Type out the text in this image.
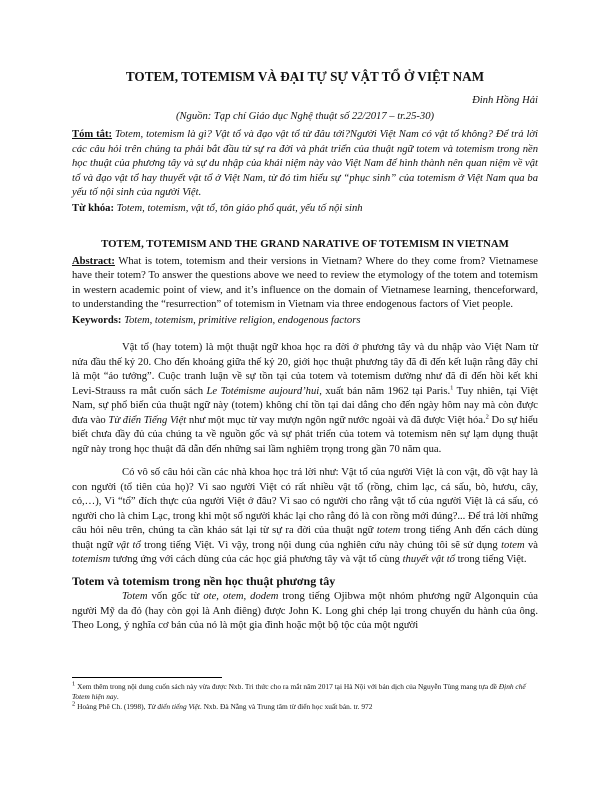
TOTEM, TOTEMISM VÀ ĐẠI TỰ SỰ VẬT TỔ Ở VIỆT NAM
Đinh Hồng Hải
(Nguồn: Tạp chí Giáo dục Nghệ thuật số 22/2017 – tr.25-30)

Tóm tắt: Totem, totemism là gì? Vật tổ và đạo vật tổ từ đâu tới?Người Việt Nam có vật tổ không? Để trả lời các câu hỏi trên chúng ta phải bắt đầu từ sự ra đời và phát triển của thuật ngữ totem và totemism trong nền học thuật của phương tây và sự du nhập của khái niệm này vào Việt Nam để hình thành nên quan niệm về vật tổ và đạo vật tổ hay thuyết vật tổ ở Việt Nam, từ đó tìm hiểu sự “phục sinh” của totemism ở Việt Nam qua ba yếu tố nội sinh của người Việt.

Từ khóa: Totem, totemism, vật tổ, tôn giáo phổ quát, yếu tố nội sinh

TOTEM, TOTEMISM AND THE GRAND NARATIVE OF TOTEMISM IN VIETNAM

Abstract: What is totem, totemism and their versions in Vietnam? Where do they come from? Vietnamese have their totem? To answer the questions above we need to review the etymology of the totem and totemism in western academic point of view, and it’s influence on the domain of Vietnamese learning, thenceforward, to understanding the “resurrection” of totemism in Vietnam via three endogenous factors of Viet people.

Keywords: Totem, totemism, primitive religion, endogenous factors

Vật tổ (hay totem) là một thuật ngữ khoa học ra đời ở phương tây và du nhập vào Việt Nam từ nửa đầu thế kỷ 20. Cho đến khoảng giữa thế kỷ 20, giới học thuật phương tây đã đi đến kết luận rằng đây chỉ là một “ảo tưởng”. Cuộc tranh luận về sự tồn tại của totem và totemism dường như đã đi đến hồi kết khi Levi-Strauss ra mắt cuốn sách Le Totémisme aujourd’hui, xuất bản năm 1962 tại Paris.$^1$ Tuy nhiên, tại Việt Nam, sự phổ biến của thuật ngữ này (totem) không chỉ tồn tại dai dẳng cho đến ngày hôm nay mà còn được đưa vào Từ điển Tiếng Việt như một mục từ vay mượn ngôn ngữ nước ngoài và đã được Việt hóa.$^2$ Do sự hiểu biết chưa đầy đủ của chúng ta về nguồn gốc và sự phát triển của totem và totemism nên sự lạm dụng thuật ngữ này trong học thuật đã dẫn đến những sai lầm nghiêm trọng trong gần 70 năm qua.

Có vô số câu hỏi cần các nhà khoa học trả lời như: Vật tổ của người Việt là con vật, đồ vật hay là con người (tổ tiên của họ)? Vì sao người Việt có rất nhiều vật tổ (rồng, chim lạc, cá sấu, bò, hươu, cây, cỏ,…), Vì “tổ” đích thực của người Việt ở đâu? Vì sao có người cho rằng vật tổ của người Việt là cá sấu, có người cho là chim Lạc, trong khi một số người khác lại cho rằng đó là con rồng mới đúng?... Để trả lời những câu hỏi nêu trên, chúng ta cần khảo sát lại từ sự ra đời của thuật ngữ totem trong tiếng Anh đến cách dùng thuật ngữ vật tổ trong tiếng Việt. Vì vậy, trong nội dung của nghiên cứu này chúng tôi sẽ sử dụng totem và totemism tương ứng với cách dùng của các học giả phương tây và vật tổ cùng thuyết vật tổ trong tiếng Việt.

Totem và totemism trong nền học thuật phương tây

Totem vốn gốc từ ote, otem, dodem trong tiếng Ojibwa một nhóm phương ngữ Algonquin của người Mỹ da đỏ (hay còn gọi là Anh điêng) được John K. Long ghi chép lại trong chuyến du hành của ông. Theo Long, ý nghĩa cơ bản của nó là một gia đình hoặc một bộ tộc của một người

$^1$ Xem thêm trong nội dung cuốn sách này vừa được Nxb. Tri thức cho ra mắt năm 2017 tại Hà Nội với bản dịch của Nguyễn Tùng mang tựa đề Định chế Totem hiện nay.
$^2$ Hoàng Phê Ch. (1998), Từ điển tiếng Việt. Nxb. Đà Nẵng và Trung tâm từ điển học xuất bản. tr. 972
